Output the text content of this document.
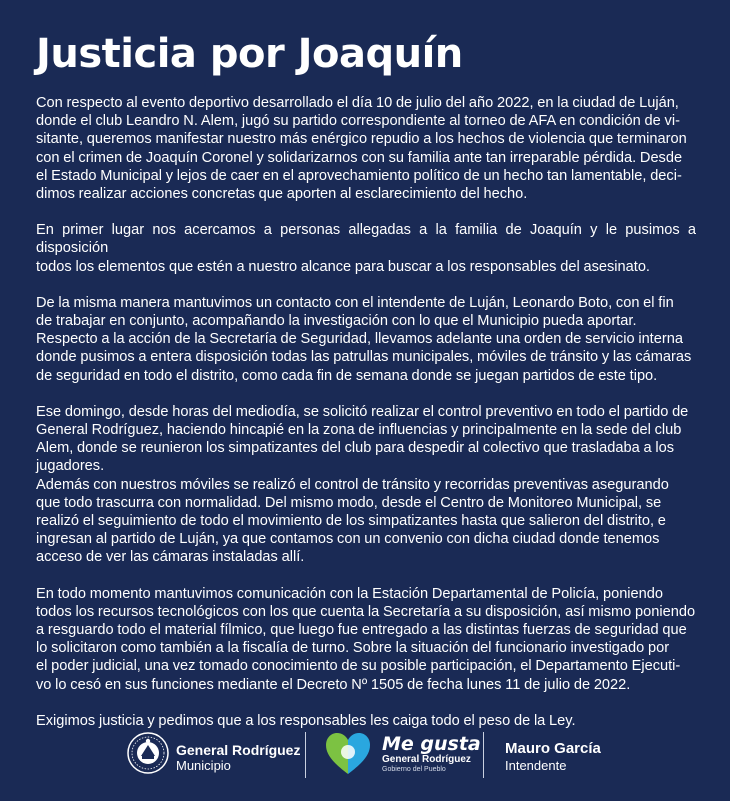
Justicia por Joaquín

Con respecto al evento deportivo desarrollado el día 10 de julio del año 2022, en la ciudad de Luján,
donde el club Leandro N. Alem, jugó su partido correspondiente al torneo de AFA en condición de vi-
sitante, queremos manifestar nuestro más enérgico repudio a los hechos de violencia que terminaron
con el crimen de Joaquín Coronel y solidarizarnos con su familia ante tan irreparable pérdida. Desde
el Estado Municipal y lejos de caer en el aprovechamiento político de un hecho tan lamentable, deci-
dimos realizar acciones concretas que aporten al esclarecimiento del hecho.

En primer lugar nos acercamos a personas allegadas a la familia de Joaquín y le pusimos a disposición
todos los elementos que estén a nuestro alcance para buscar a los responsables del asesinato.

De la misma manera mantuvimos un contacto con el intendente de Luján, Leonardo Boto, con el fin
de trabajar en conjunto, acompañando la investigación con lo que el Municipio pueda aportar.
Respecto a la acción de la Secretaría de Seguridad, llevamos adelante una orden de servicio interna
donde pusimos a entera disposición todas las patrullas municipales, móviles de tránsito y las cámaras
de seguridad en todo el distrito, como cada fin de semana donde se juegan partidos de este tipo.

Ese domingo, desde horas del mediodía, se solicitó realizar el control preventivo en todo el partido de
General Rodríguez, haciendo hincapié en la zona de influencias y principalmente en la sede del club
Alem, donde se reunieron los simpatizantes del club para despedir al colectivo que trasladaba a los
jugadores.
Además con nuestros móviles se realizó el control de tránsito y recorridas preventivas asegurando
que todo trascurra con normalidad. Del mismo modo, desde el Centro de Monitoreo Municipal, se
realizó el seguimiento de todo el movimiento de los simpatizantes hasta que salieron del distrito, e
ingresan al partido de Luján, ya que contamos con un convenio con dicha ciudad donde tenemos
acceso de ver las cámaras instaladas allí.

En todo momento mantuvimos comunicación con la Estación Departamental de Policía, poniendo
todos los recursos tecnológicos con los que cuenta la Secretaría a su disposición, así mismo poniendo
a resguardo todo el material fílmico, que luego fue entregado a las distintas fuerzas de seguridad que
lo solicitaron como también a la fiscalía de turno. Sobre la situación del funcionario investigado por
el poder judicial, una vez tomado conocimiento de su posible participación, el Departamento Ejecuti-
vo lo cesó en sus funciones mediante el Decreto Nº 1505 de fecha lunes 11 de julio de 2022.

Exigimos justicia y pedimos que a los responsables les caiga todo el peso de la Ley.

General Rodríguez
Municipio
Me gusta
General Rodríguez
Gobierno del Pueblo
Mauro García
Intendente
